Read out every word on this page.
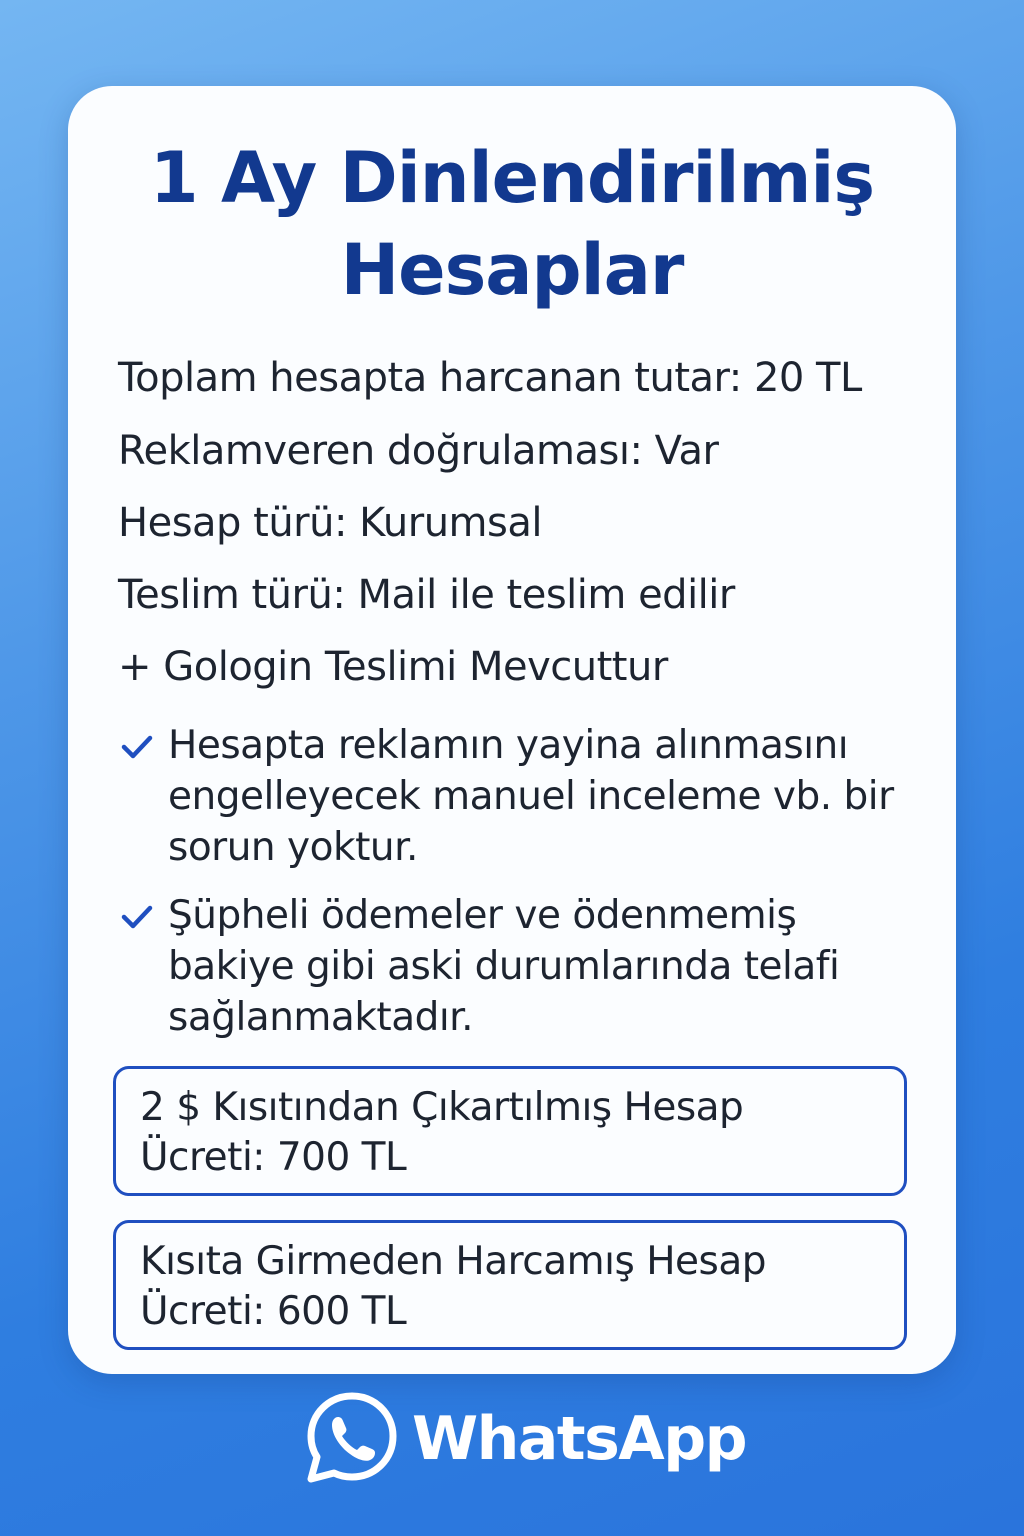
1 Ay Dinlendirilmiş
Hesaplar
Toplam hesapta harcanan tutar: 20 TL
Reklamveren doğrulaması: Var
Hesap türü: Kurumsal
Teslim türü: Mail ile teslim edilir
+ Gologin Teslimi Mevcuttur
Hesapta reklamın yayina alınmasını engelleyecek manuel inceleme vb. bir sorun yoktur.
Şüpheli ödemeler ve ödenmemiş bakiye gibi aski durumlarında telafi sağlanmaktadır.
2 $ Kısıtından Çıkartılmış Hesap Ücreti: 700 TL
Kısıta Girmeden Harcamış Hesap Ücreti: 600 TL
WhatsApp
